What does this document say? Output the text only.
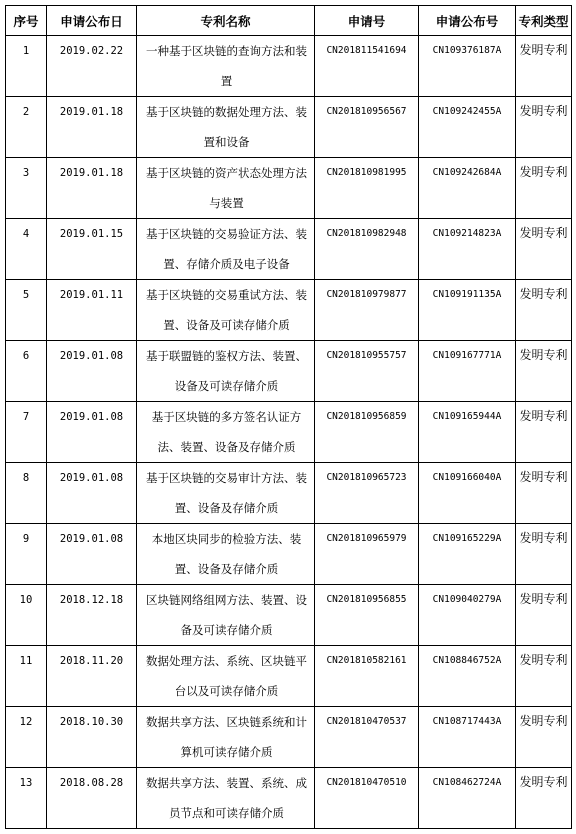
序号	申请公布日	专利名称	申请号	申请公布号	专利类型

1	2019.02.22	一种基于区块链的查询方法和装置	CN201811541694	CN109376187A	发明专利

2	2019.01.18	基于区块链的数据处理方法、装置和设备	CN201810956567	CN109242455A	发明专利

3	2019.01.18	基于区块链的资产状态处理方法与装置	CN201810981995	CN109242684A	发明专利

4	2019.01.15	基于区块链的交易验证方法、装置、存储介质及电子设备	CN201810982948	CN109214823A	发明专利

5	2019.01.11	基于区块链的交易重试方法、装置、设备及可读存储介质	CN201810979877	CN109191135A	发明专利

6	2019.01.08	基于联盟链的鉴权方法、装置、设备及可读存储介质	CN201810955757	CN109167771A	发明专利

7	2019.01.08	基于区块链的多方签名认证方法、装置、设备及存储介质	CN201810956859	CN109165944A	发明专利

8	2019.01.08	基于区块链的交易审计方法、装置、设备及存储介质	CN201810965723	CN109166040A	发明专利

9	2019.01.08	本地区块同步的检验方法、装置、设备及存储介质	CN201810965979	CN109165229A	发明专利

10	2018.12.18	区块链网络组网方法、装置、设备及可读存储介质	CN201810956855	CN109040279A	发明专利

11	2018.11.20	数据处理方法、系统、区块链平台以及可读存储介质	CN201810582161	CN108846752A	发明专利

12	2018.10.30	数据共享方法、区块链系统和计算机可读存储介质	CN201810470537	CN108717443A	发明专利

13	2018.08.28	数据共享方法、装置、系统、成员节点和可读存储介质	CN201810470510	CN108462724A	发明专利
